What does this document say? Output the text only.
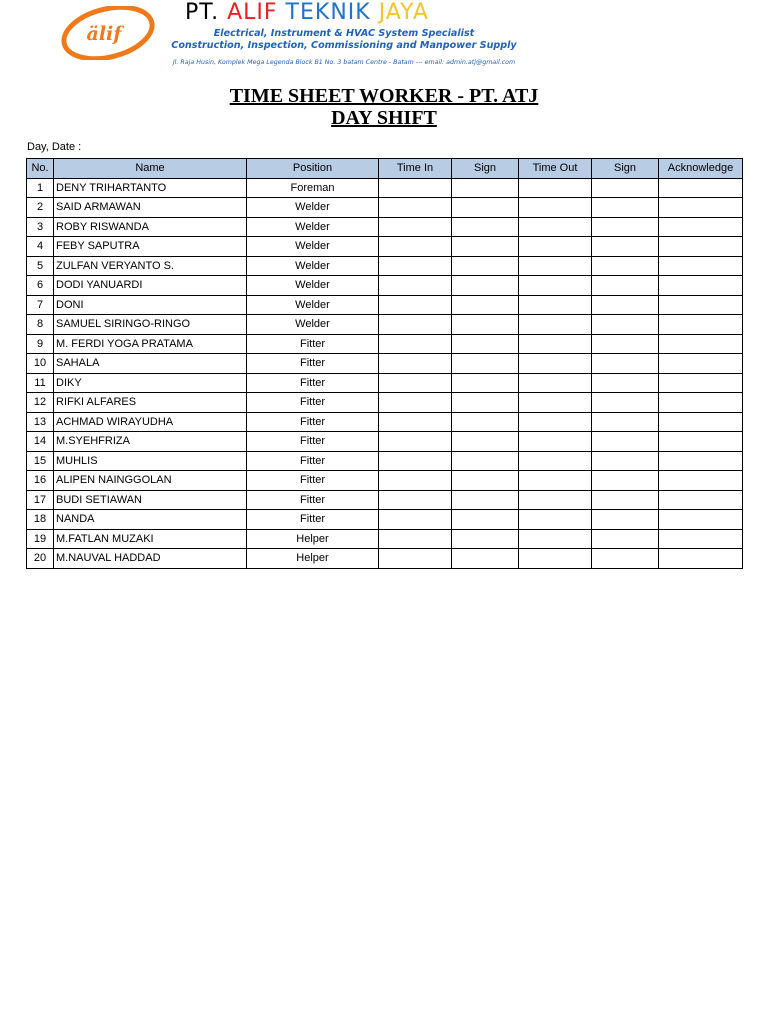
älif
PT. ALIF TEKNIK JAYA
Electrical, Instrument & HVAC System Specialist
Construction, Inspection, Commissioning and Manpower Supply
Jl. Raja Husin, Komplek Mega Legenda Block B1 No. 3 batam Centre - Batam --- email: admin.atj@gmail.com
TIME SHEET WORKER - PT. ATJ
DAY SHIFT
Day, Date :
No.	Name	Position	Time In	Sign	Time Out	Sign	Acknowledge
1	DENY TRIHARTANTO	Foreman					
2	SAID ARMAWAN	Welder					
3	ROBY RISWANDA	Welder					
4	FEBY SAPUTRA	Welder					
5	ZULFAN VERYANTO S.	Welder					
6	DODI YANUARDI	Welder					
7	DONI	Welder					
8	SAMUEL SIRINGO-RINGO	Welder					
9	M. FERDI YOGA PRATAMA	Fitter					
10	SAHALA	Fitter					
11	DIKY	Fitter					
12	RIFKI ALFARES	Fitter					
13	ACHMAD WIRAYUDHA	Fitter					
14	M.SYEHFRIZA	Fitter					
15	MUHLIS	Fitter					
16	ALIPEN NAINGGOLAN	Fitter					
17	BUDI SETIAWAN	Fitter					
18	NANDA	Fitter					
19	M.FATLAN MUZAKI	Helper					
20	M.NAUVAL HADDAD	Helper					
